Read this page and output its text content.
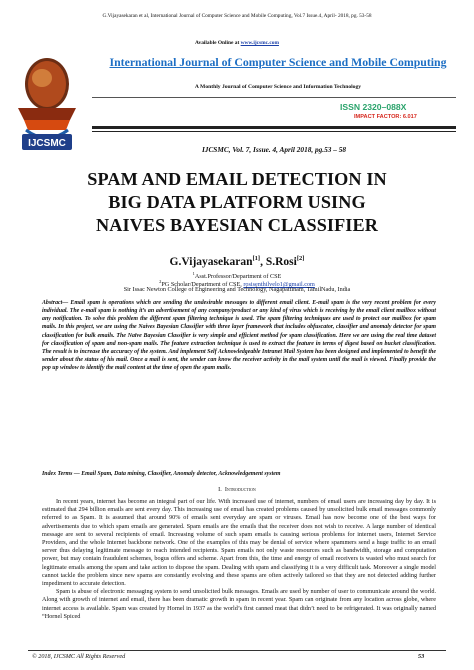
G.Vijayasekaran et al, International Journal of Computer Science and Mobile Computing, Vol.7 Issue.4, April- 2018, pg. 53-58
Available Online at www.ijcsmc.com
IJCSMC
International Journal of Computer Science and Mobile Computing
A Monthly Journal of Computer Science and Information Technology
ISSN 2320–088X
IMPACT FACTOR: 6.017
IJCSMC, Vol. 7, Issue. 4, April 2018, pg.53 – 58
SPAM AND EMAIL DETECTION IN
BIG DATA PLATFORM USING
NAIVES BAYESIAN CLASSIFIER
G.Vijayasekaran[1], S.Rosi[2]
$^1$Asst.Professor/Department of CSE
$^2$PG Scholar/Department of CSE, rosisenthilvelo1@gmail.com
Sir Issac Newton College of Engineering and Technology, Nagapattinam, TamilNadu, India
Abstract— Email spam is operations which are sending the undesirable messages to different email client. E-mail spam is the very recent problem for every individual. The e-mail spam is nothing it’s an advertisement of any company/product or any kind of virus which is receiving by the email client mailbox without any notification. To solve this problem the different spam filtering technique is used. The spam filtering techniques are used to protect our mailbox for spam mails. In this project, we are using the Naives Bayesian Classifier with three layer framework that includes obfuscator, classifier and anomaly detector for spam classification for bulk emails. The Naïve Bayesian Classifier is very simple and efficient method for spam classification. Here we are using the real time dataset for classification of spam and non-spam mails. The feature extraction technique is used to extract the feature in terms of digest based on bucket classification. The result is to increase the accuracy of the system. And implement Self Acknowledgeable Intranet Mail System has been designed and implemented to benefit the sender about the status of his mail. Once a mail is sent, the sender can know the receiver activity in the mail system until the mail is viewed. Finally provide the pop up window to identify the mail content at the time of open the spam mails.
Index Terms — Email Spam, Data mining, Classifier, Anomaly detector, Acknowledgement system
I. Introduction

In recent years, internet has become an integral part of our life. With increased use of internet, numbers of email users are increasing day by day. It is estimated that 294 billion emails are sent every day. This increasing use of email has created problems caused by unsolicited bulk email messages commonly referred to as Spam. It is assumed that around 90% of emails sent everyday are spam or viruses. Email has now become one of the best ways for advertisements due to which spam emails are generated. Spam emails are the emails that the receiver does not wish to receive. A large number of identical message are sent to several recipients of email. Increasing volume of such spam emails is causing serious problems for internet users, Internet Service Providers, and the whole Internet backbone network. One of the examples of this may be denial of service where spammers send a huge traffic to an email server thus delaying legitimate message to reach intended recipients. Spam emails not only waste resources such as bandwidth, storage and computation power, but may contain fraudulent schemes, bogus offers and scheme. Apart from this, the time and energy of email receivers is wasted who must search for legitimate emails among the spam and take action to dispose the spam. Dealing with spam and classifying it is a very difficult task. Moreover a single model cannot tackle the problem since new spams are constantly evolving and these spams are often actively tailored so that they are not detected adding further impediment to accurate detection.

Spam is abuse of electronic messaging system to send unsolicited bulk messages. Emails are used by number of user to communicate around the world. Along with growth of internet and email, there has been dramatic growth in spam in recent year. Spam can originate from any location across globe, where internet access is available. Spam was created by Hornel in 1937 as the world’s first canned meat that didn’t need to be refrigerated. It was originally named “Hornel Spiced

© 2018, IJCSMC All Rights Reserved	53
